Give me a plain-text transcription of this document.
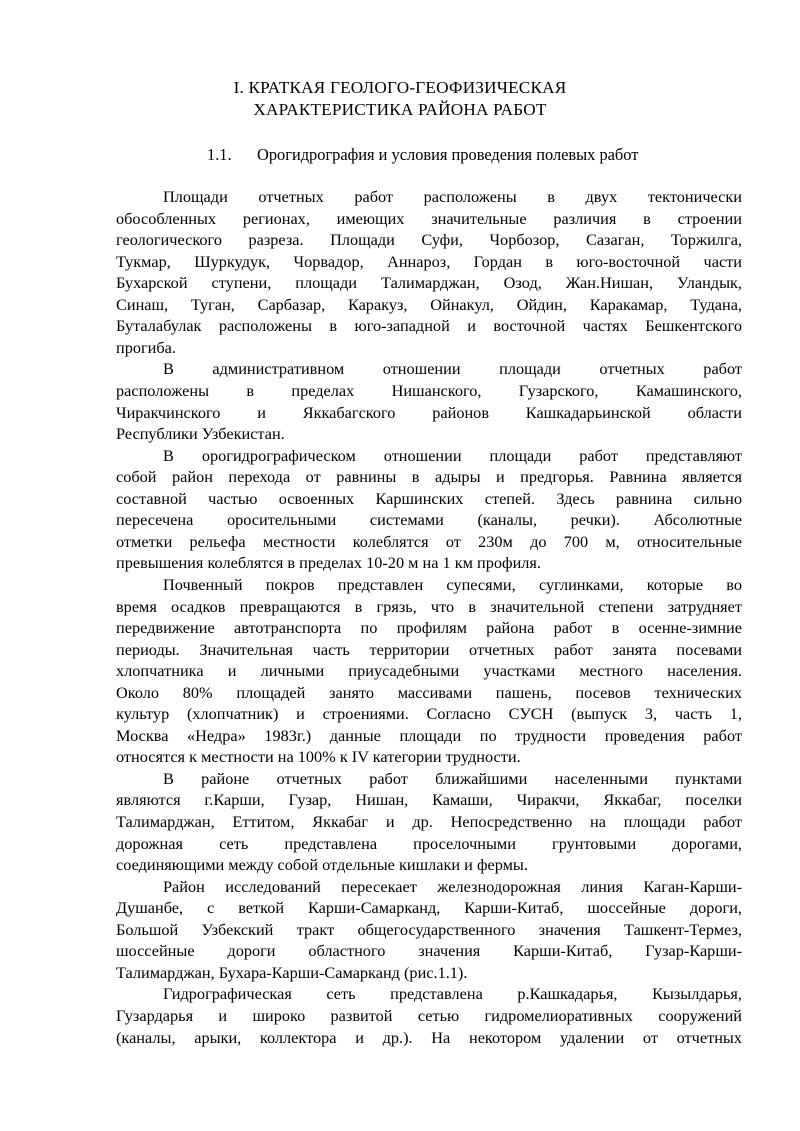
I. КРАТКАЯ ГЕОЛОГО-ГЕОФИЗИЧЕСКАЯ
ХАРАКТЕРИСТИКА РАЙОНА РАБОТ
1.1. Орогидрография и условия проведения полевых работ
Площади отчетных работ расположены в двух тектонически
обособленных регионах, имеющих значительные различия в строении
геологического разреза. Площади Суфи, Чорбозор, Сазаган, Торжилга,
Тукмар, Шуркудук, Чорвадор, Аннароз, Гордан в юго-восточной части
Бухарской ступени, площади Талимарджан, Озод, Жан.Нишан, Уландык,
Синаш, Туган, Сарбазар, Каракуз, Ойнакул, Ойдин, Каракамар, Тудана,
Буталабулак расположены в юго-западной и восточной частях Бешкентского
прогиба.
В административном отношении площади отчетных работ
расположены в пределах Нишанского, Гузарского, Камашинского,
Чиракчинского и Яккабагского районов Кашкадарьинской области
Республики Узбекистан.
В орогидрографическом отношении площади работ представляют
собой район перехода от равнины в адыры и предгорья. Равнина является
составной частью освоенных Каршинских степей. Здесь равнина сильно
пересечена оросительными системами (каналы, речки). Абсолютные
отметки рельефа местности колеблятся от 230м до 700 м, относительные
превышения колеблятся в пределах 10-20 м на 1 км профиля.
Почвенный покров представлен супесями, суглинками, которые во
время осадков превращаются в грязь, что в значительной степени затрудняет
передвижение автотранспорта по профилям района работ в осенне-зимние
периоды. Значительная часть территории отчетных работ занята посевами
хлопчатника и личными приусадебными участками местного населения.
Около 80% площадей занято массивами пашень, посевов технических
культур (хлопчатник) и строениями. Согласно СУСН (выпуск 3, часть 1,
Москва «Недра» 1983г.) данные площади по трудности проведения работ
относятся к местности на 100% к IV категории трудности.
В районе отчетных работ ближайшими населенными пунктами
являются г.Карши, Гузар, Нишан, Камаши, Чиракчи, Яккабаг, поселки
Талимарджан, Еттитом, Яккабаг и др. Непосредственно на площади работ
дорожная сеть представлена проселочными грунтовыми дорогами,
соединяющими между собой отдельные кишлаки и фермы.
Район исследований пересекает железнодорожная линия Каган-Карши-
Душанбе, с веткой Карши-Самарканд, Карши-Китаб, шоссейные дороги,
Большой Узбекский тракт общегосударственного значения Ташкент-Термез,
шоссейные дороги областного значения Карши-Китаб, Гузар-Карши-
Талимарджан, Бухара-Карши-Самарканд (рис.1.1).
Гидрографическая сеть представлена р.Кашкадарья, Кызылдарья,
Гузардарья и широко развитой сетью гидромелиоративных сооружений
(каналы, арыки, коллектора и др.). На некотором удалении от отчетных
